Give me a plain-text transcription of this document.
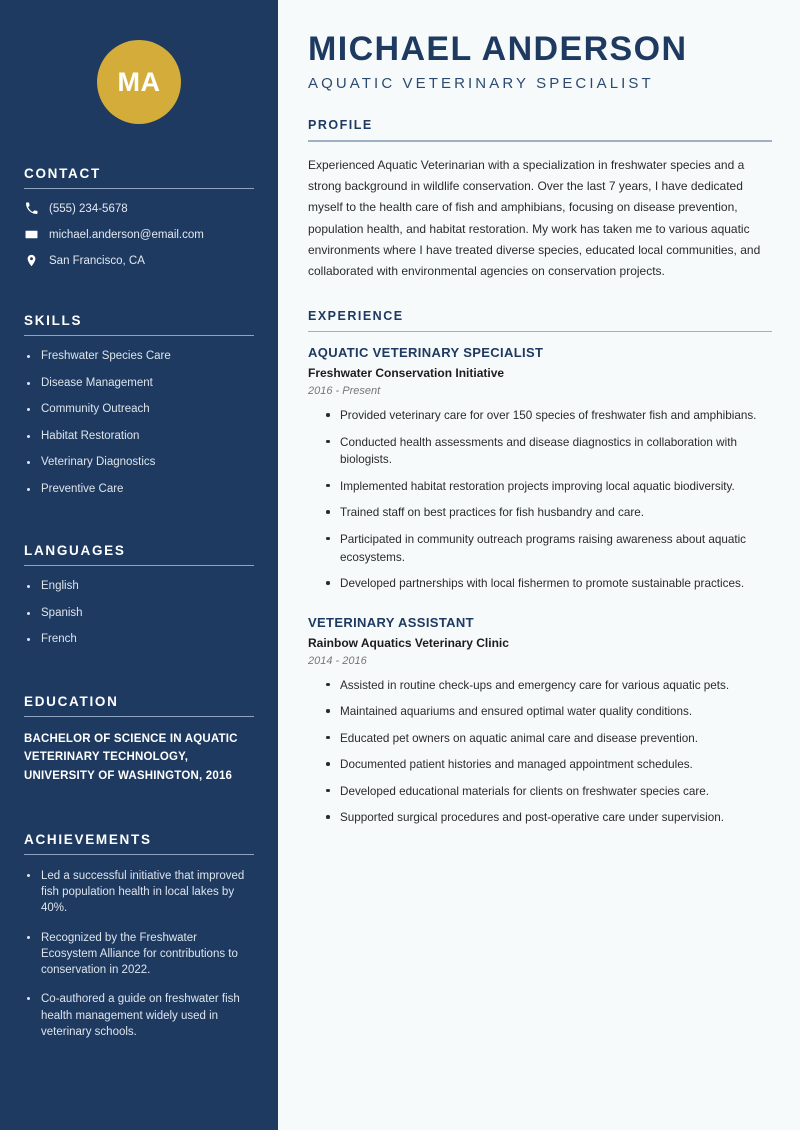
MA
CONTACT
(555) 234-5678
michael.anderson@email.com
San Francisco, CA
SKILLS
Freshwater Species Care
Disease Management
Community Outreach
Habitat Restoration
Veterinary Diagnostics
Preventive Care
LANGUAGES
English
Spanish
French
EDUCATION
BACHELOR OF SCIENCE IN AQUATIC VETERINARY TECHNOLOGY, UNIVERSITY OF WASHINGTON, 2016
ACHIEVEMENTS
Led a successful initiative that improved fish population health in local lakes by 40%.
Recognized by the Freshwater Ecosystem Alliance for contributions to conservation in 2022.
Co-authored a guide on freshwater fish health management widely used in veterinary schools.
MICHAEL ANDERSON
AQUATIC VETERINARY SPECIALIST
PROFILE

Experienced Aquatic Veterinarian with a specialization in freshwater species and a strong background in wildlife conservation. Over the last 7 years, I have dedicated myself to the health care of fish and amphibians, focusing on disease prevention, population health, and habitat restoration. My work has taken me to various aquatic environments where I have treated diverse species, educated local communities, and collaborated with environmental agencies on conservation projects.

EXPERIENCE
AQUATIC VETERINARY SPECIALIST
Freshwater Conservation Initiative
2016 - Present
Provided veterinary care for over 150 species of freshwater fish and amphibians.
Conducted health assessments and disease diagnostics in collaboration with biologists.
Implemented habitat restoration projects improving local aquatic biodiversity.
Trained staff on best practices for fish husbandry and care.
Participated in community outreach programs raising awareness about aquatic ecosystems.
Developed partnerships with local fishermen to promote sustainable practices.
VETERINARY ASSISTANT
Rainbow Aquatics Veterinary Clinic
2014 - 2016
Assisted in routine check-ups and emergency care for various aquatic pets.
Maintained aquariums and ensured optimal water quality conditions.
Educated pet owners on aquatic animal care and disease prevention.
Documented patient histories and managed appointment schedules.
Developed educational materials for clients on freshwater species care.
Supported surgical procedures and post-operative care under supervision.
